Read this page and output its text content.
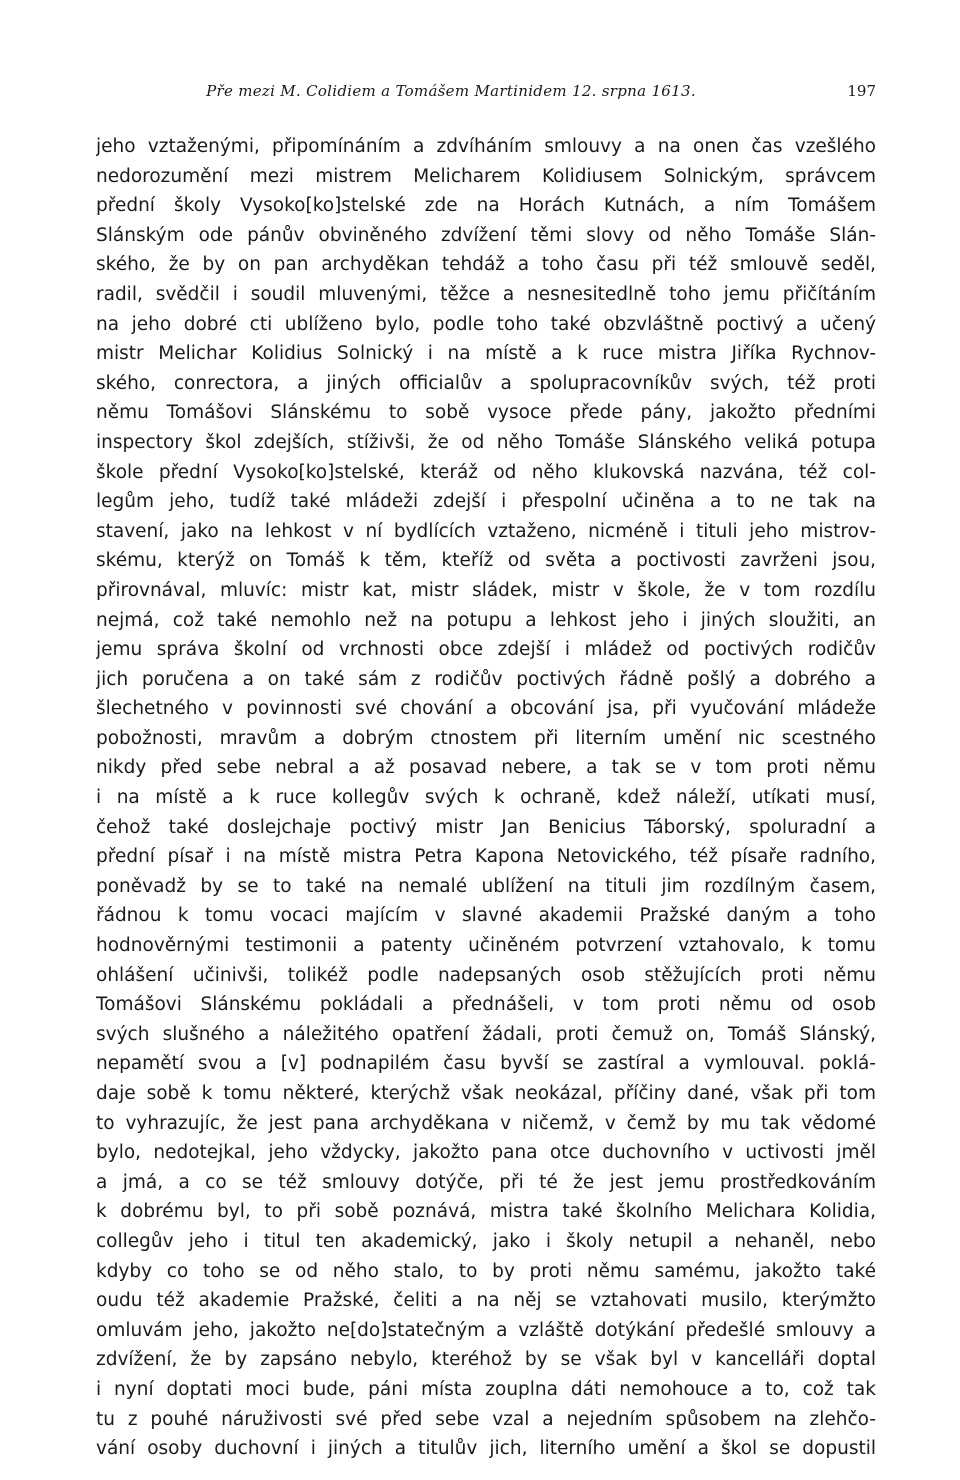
Pře mezi M. Colidiem a Tomášem Martinidem 12. srpna 1613.	197
jeho vztaženými, připomínáním a zdvíháním smlouvy a na onen čas vzešlého
nedorozumění mezi mistrem Melicharem Kolidiusem Solnickým, správcem
přední školy Vysoko[ko]stelské zde na Horách Kutnách, a ním Tomášem
Slánským ode pánův obviněného zdvížení těmi slovy od něho Tomáše Slán-
ského, že by on pan archyděkan tehdáž a toho času při též smlouvě seděl,
radil, svědčil i soudil mluvenými, těžce a nesnesitedlně toho jemu přičítáním
na jeho dobré cti ublíženo bylo, podle toho také obzvláštně poctivý a učený
mistr Melichar Kolidius Solnický i na místě a k ruce mistra Jiříka Rychnov-
ského, conrectora, a jiných officialův a spolupracovníkův svých, též proti
němu Tomášovi Slánskému to sobě vysoce přede pány, jakožto předními
inspectory škol zdejších, stíživši, že od něho Tomáše Slánského veliká potupa
škole přední Vysoko[ko]stelské, kteráž od něho klukovská nazvána, též col-
legům jeho, tudíž také mládeži zdejší i přespolní učiněna a to ne tak na
stavení, jako na lehkost v ní bydlících vztaženo, nicméně i tituli jeho mistrov-
skému, kterýž on Tomáš k těm, kteříž od světa a poctivosti zavrženi jsou,
přirovnával, mluvíc: mistr kat, mistr sládek, mistr v škole, že v tom rozdílu
nejmá, což také nemohlo než na potupu a lehkost jeho i jiných sloužiti, an
jemu správa školní od vrchnosti obce zdejší i mládež od poctivých rodičův
jich poručena a on také sám z rodičův poctivých řádně pošlý a dobrého a
šlechetného v povinnosti své chování a obcování jsa, při vyučování mládeže
pobožnosti, mravům a dobrým ctnostem při literním umění nic scestného
nikdy před sebe nebral a až posavad nebere, a tak se v tom proti němu
i na místě a k ruce kollegův svých k ochraně, kdež náleží, utíkati musí,
čehož také doslejchaje poctivý mistr Jan Benicius Táborský, spoluradní a
přední písař i na místě mistra Petra Kapona Netovického, též písaře radního,
poněvadž by se to také na nemalé ublížení na tituli jim rozdílným časem,
řádnou k tomu vocaci majícím v slavné akademii Pražské daným a toho
hodnověrnými testimonii a patenty učiněném potvrzení vztahovalo, k tomu
ohlášení učinivši, tolikéž podle nadepsaných osob stěžujících proti němu
Tomášovi Slánskému pokládali a přednášeli, v tom proti němu od osob
svých slušného a náležitého opatření žádali, proti čemuž on, Tomáš Slánský,
nepamětí svou a [v] podnapilém času byvší se zastíral a vymlouval. poklá-
daje sobě k tomu některé, kterýchž však neokázal, příčiny dané, však při tom
to vyhrazujíc, že jest pana archyděkana v ničemž, v čemž by mu tak vědomé
bylo, nedotejkal, jeho vždycky, jakožto pana otce duchovního v uctivosti jměl
a jmá, a co se též smlouvy dotýče, při té že jest jemu prostředkováním
k dobrému byl, to při sobě poznává, mistra také školního Melichara Kolidia,
collegův jeho i titul ten akademický, jako i školy netupil a nehaněl, nebo
kdyby co toho se od něho stalo, to by proti němu samému, jakožto také
oudu též akademie Pražské, čeliti a na něj se vztahovati musilo, kterýmžto
omluvám jeho, jakožto ne[do]statečným a vzláště dotýkání předešlé smlouvy a
zdvížení, že by zapsáno nebylo, kteréhož by se však byl v kancelláři doptal
i nyní doptati moci bude, páni místa zouplna dáti nemohouce a to, což tak
tu z pouhé náruživosti své před sebe vzal a nejedním spůsobem na zlehčo-
vání osoby duchovní i jiných a titulův jich, literního umění a škol se dopustil
